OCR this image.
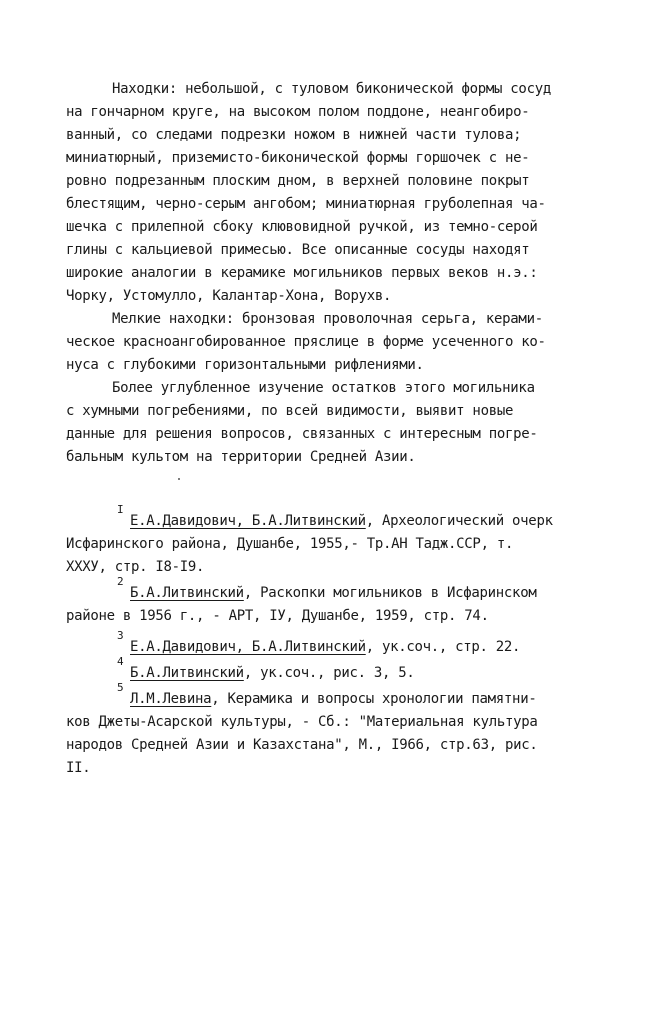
Находки: небольшой, с туловом биконической формы сосуд
на гончарном круге, на высоком полом поддоне, неангобиро-
ванный, со следами подрезки ножом в нижней части тулова;
миниатюрный, приземисто-биконической формы горшочек с не-
ровно подрезанным плоским дном, в верхней половине покрыт
блестящим, черно-серым ангобом; миниатюрная груболепная ча-
шечка с прилепной сбоку клювовидной ручкой, из темно-серой
глины с кальциевой примесью. Все описанные сосуды находят
широкие аналогии в керамике могильников первых веков н.э.:
Чорку, Устомулло, Калантар-Хона, Ворухв.
Мелкие находки: бронзовая проволочная серьга, керами-
ческое красноангобированное пряслице в форме усеченного ко-
нуса с глубокими горизонтальными рифлениями.
Более углубленное изучение остатков этого могильника
с хумными погребениями, по всей видимости, выявит новые
данные для решения вопросов, связанных с интересным погре-
бальным культом на территории Средней Азии.
I
Е.А.Давидович, Б.А.Литвинский, Археологический очерк
Исфаринского района, Душанбе, 1955,- Тр.АН Тадж.ССР, т.
XXXУ, стр. I8-I9.
2
Б.А.Литвинский, Раскопки могильников в Исфаринском
районе в 1956 г., - АРТ, IУ, Душанбе, 1959, стр. 74.
3
Е.А.Давидович, Б.А.Литвинский, ук.соч., стр. 22.
4
Б.А.Литвинский, ук.соч., рис. 3, 5.
5
Л.М.Левина, Керамика и вопросы хронологии памятни-
ков Джеты-Асарской культуры, - Сб.: "Материальная культура
народов Средней Азии и Казахстана", М., I966, стр.63, рис.
II.
